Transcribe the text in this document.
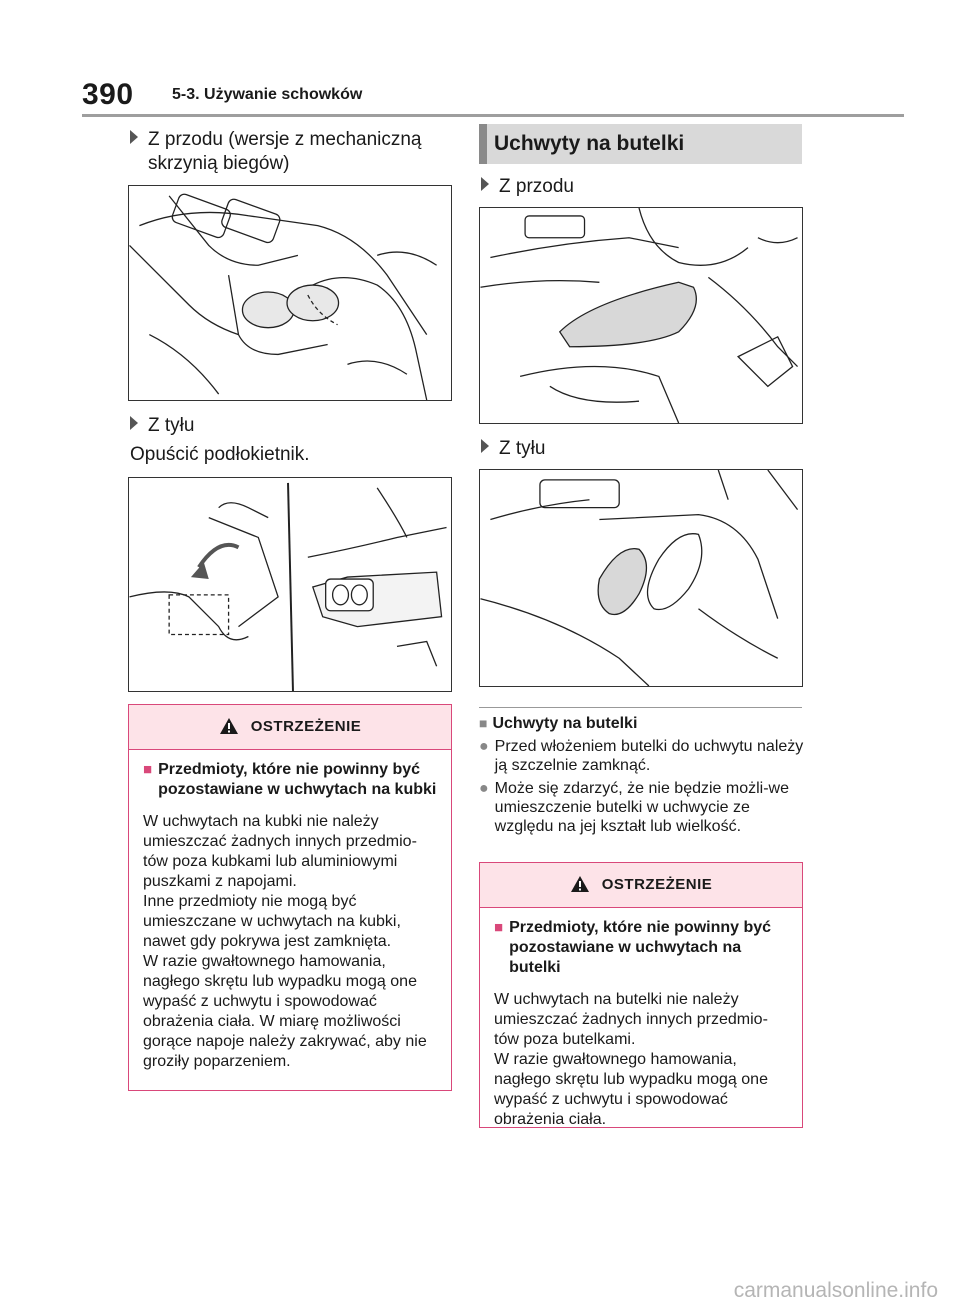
390 5-3. Używanie schowków
Z przodu (wersje z mechaniczną
skrzynią biegów)
Z tyłu
Opuścić podłokietnik.
OSTRZEŻENIE
■ Przedmioty, które nie powinny być pozostawiane w uchwytach na kubki
W uchwytach na kubki nie należy umieszczać żadnych innych przedmio-tów poza kubkami lub aluminiowymi puszkami z napojami.
Inne przedmioty nie mogą być umieszczane w uchwytach na kubki, nawet gdy pokrywa jest zamknięta.
W razie gwałtownego hamowania, nagłego skrętu lub wypadku mogą one wypaść z uchwytu i spowodować obrażenia ciała. W miarę możliwości gorące napoje należy zakrywać, aby nie groziły poparzeniem.
Uchwyty na butelki
Z przodu
Z tyłu
■ Uchwyty na butelki
● Przed włożeniem butelki do uchwytu należy ją szczelnie zamknąć.
● Może się zdarzyć, że nie będzie możli-we umieszczenie butelki w uchwycie ze względu na jej kształt lub wielkość.
OSTRZEŻENIE
■ Przedmioty, które nie powinny być pozostawiane w uchwytach na butelki
W uchwytach na butelki nie należy umieszczać żadnych innych przedmio-tów poza butelkami.
W razie gwałtownego hamowania, nagłego skrętu lub wypadku mogą one wypaść z uchwytu i spowodować obrażenia ciała.
carmanualsonline.info
